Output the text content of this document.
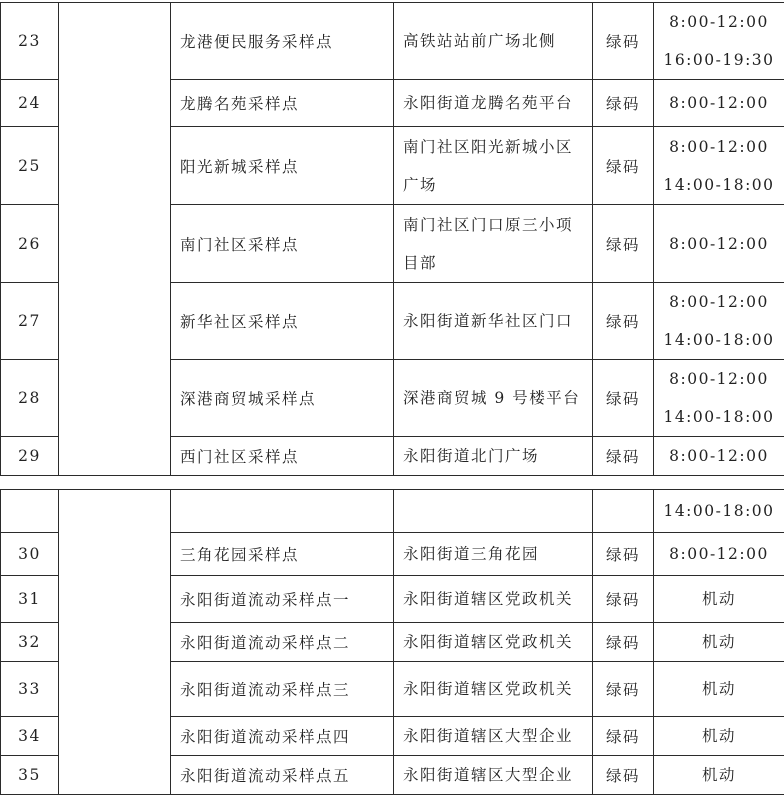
23		龙港便民服务采样点	高铁站站前广场北侧	绿码	8:00-12:00
16:00-19:30

24		龙腾名苑采样点	永阳街道龙腾名苑平台	绿码	8:00-12:00

25		阳光新城采样点	南门社区阳光新城小区
广场	绿码	8:00-12:00
14:00-18:00

26		南门社区采样点	南门社区门口原三小项
目部	绿码	8:00-12:00

27		新华社区采样点	永阳街道新华社区门口	绿码	8:00-12:00
14:00-18:00

28		深港商贸城采样点	深港商贸城 9 号楼平台	绿码	8:00-12:00
14:00-18:00

29		西门社区采样点	永阳街道北门广场	绿码	8:00-12:00

					14:00-18:00

30		三角花园采样点	永阳街道三角花园	绿码	8:00-12:00

31		永阳街道流动采样点一	永阳街道辖区党政机关	绿码	机动

32		永阳街道流动采样点二	永阳街道辖区党政机关	绿码	机动

33		永阳街道流动采样点三	永阳街道辖区党政机关	绿码	机动

34		永阳街道流动采样点四	永阳街道辖区大型企业	绿码	机动

35		永阳街道流动采样点五	永阳街道辖区大型企业	绿码	机动
